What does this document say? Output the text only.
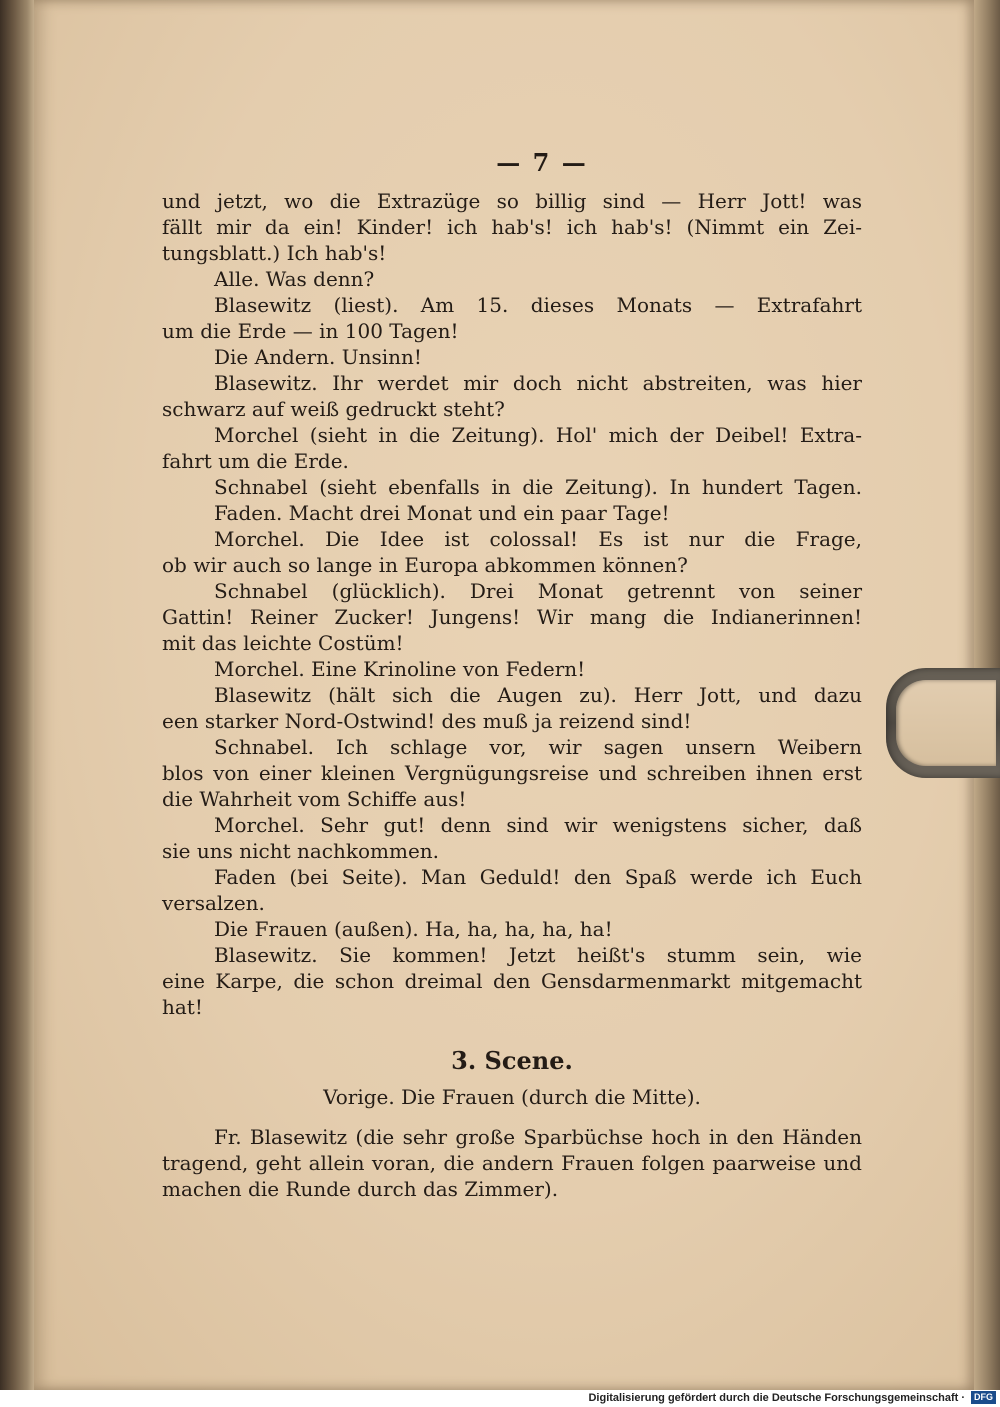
— 7 —
und jetzt, wo die Extrazüge so billig sind — Herr Jott! was
fällt mir da ein! Kinder! ich hab's! ich hab's! (Nimmt ein Zei-
tungsblatt.) Ich hab's!
Alle. Was denn?
Blasewitz (liest). Am 15. dieses Monats — Extrafahrt
um die Erde — in 100 Tagen!
Die Andern. Unsinn!
Blasewitz. Ihr werdet mir doch nicht abstreiten, was hier
schwarz auf weiß gedruckt steht?
Morchel (sieht in die Zeitung). Hol' mich der Deibel! Extra-
fahrt um die Erde.
Schnabel (sieht ebenfalls in die Zeitung). In hundert Tagen.
Faden. Macht drei Monat und ein paar Tage!
Morchel. Die Idee ist colossal! Es ist nur die Frage,
ob wir auch so lange in Europa abkommen können?
Schnabel (glücklich). Drei Monat getrennt von seiner
Gattin! Reiner Zucker! Jungens! Wir mang die Indianerinnen!
mit das leichte Costüm!
Morchel. Eine Krinoline von Federn!
Blasewitz (hält sich die Augen zu). Herr Jott, und dazu
een starker Nord-Ostwind! des muß ja reizend sind!
Schnabel. Ich schlage vor, wir sagen unsern Weibern
blos von einer kleinen Vergnügungsreise und schreiben ihnen erst
die Wahrheit vom Schiffe aus!
Morchel. Sehr gut! denn sind wir wenigstens sicher, daß
sie uns nicht nachkommen.
Faden (bei Seite). Man Geduld! den Spaß werde ich Euch
versalzen.
Die Frauen (außen). Ha, ha, ha, ha, ha!
Blasewitz. Sie kommen! Jetzt heißt's stumm sein, wie
eine Karpe, die schon dreimal den Gensdarmenmarkt mitgemacht
hat!
3. Scene.
Vorige. Die Frauen (durch die Mitte).
Fr. Blasewitz (die sehr große Sparbüchse hoch in den Händen
tragend, geht allein voran, die andern Frauen folgen paarweise und
machen die Runde durch das Zimmer).
Digitalisierung gefördert durch die Deutsche Forschungsgemeinschaft · DFG
